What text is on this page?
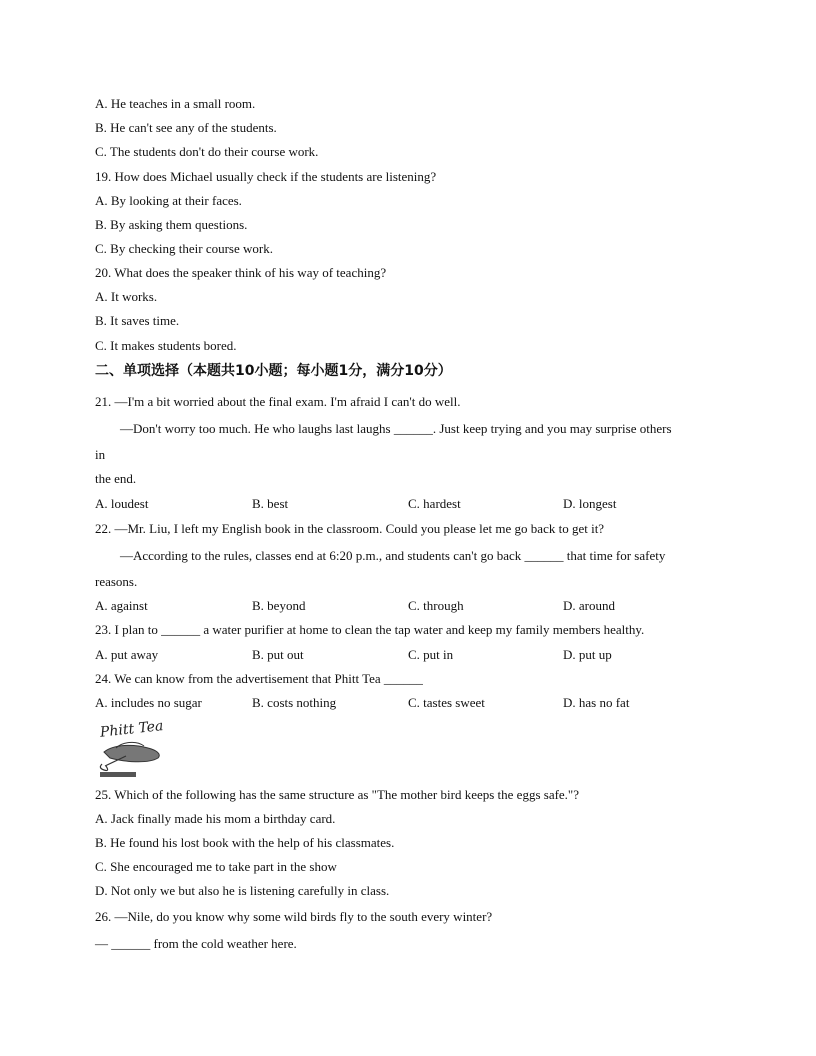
A. He teaches in a small room.
B. He can't see any of the students.
C. The students don't do their course work.
19. How does Michael usually check if the students are listening?
A. By looking at their faces.
B. By asking them questions.
C. By checking their course work.
20. What does the speaker think of his way of teaching?
A. It works.
B. It saves time.
C. It makes students bored.
二、单项选择（本题共10小题；每小题1分，满分10分）
21. —I'm a bit worried about the final exam. I'm afraid I can't do well.
—Don't worry too much. He who laughs last laughs ______. Just keep trying and you may surprise others
in
the end.
A. loudest	B. best	C. hardest	D. longest
22. —Mr. Liu, I left my English book in the classroom. Could you please let me go back to get it?
—According to the rules, classes end at 6:20 p.m., and students can't go back ______ that time for safety
reasons.
A. against	B. beyond	C. through	D. around
23. I plan to ______ a water purifier at home to clean the tap water and keep my family members healthy.
A. put away	B. put out	C. put in	D. put up
24. We can know from the advertisement that Phitt Tea ______
A. includes no sugar	B. costs nothing	C. tastes sweet	D. has no fat
Phitt Tea
25. Which of the following has the same structure as "The mother bird keeps the eggs safe."?
A. Jack finally made his mom a birthday card.
B. He found his lost book with the help of his classmates.
C. She encouraged me to take part in the show
D. Not only we but also he is listening carefully in class.
26. —Nile, do you know why some wild birds fly to the south every winter?
— ______ from the cold weather here.
